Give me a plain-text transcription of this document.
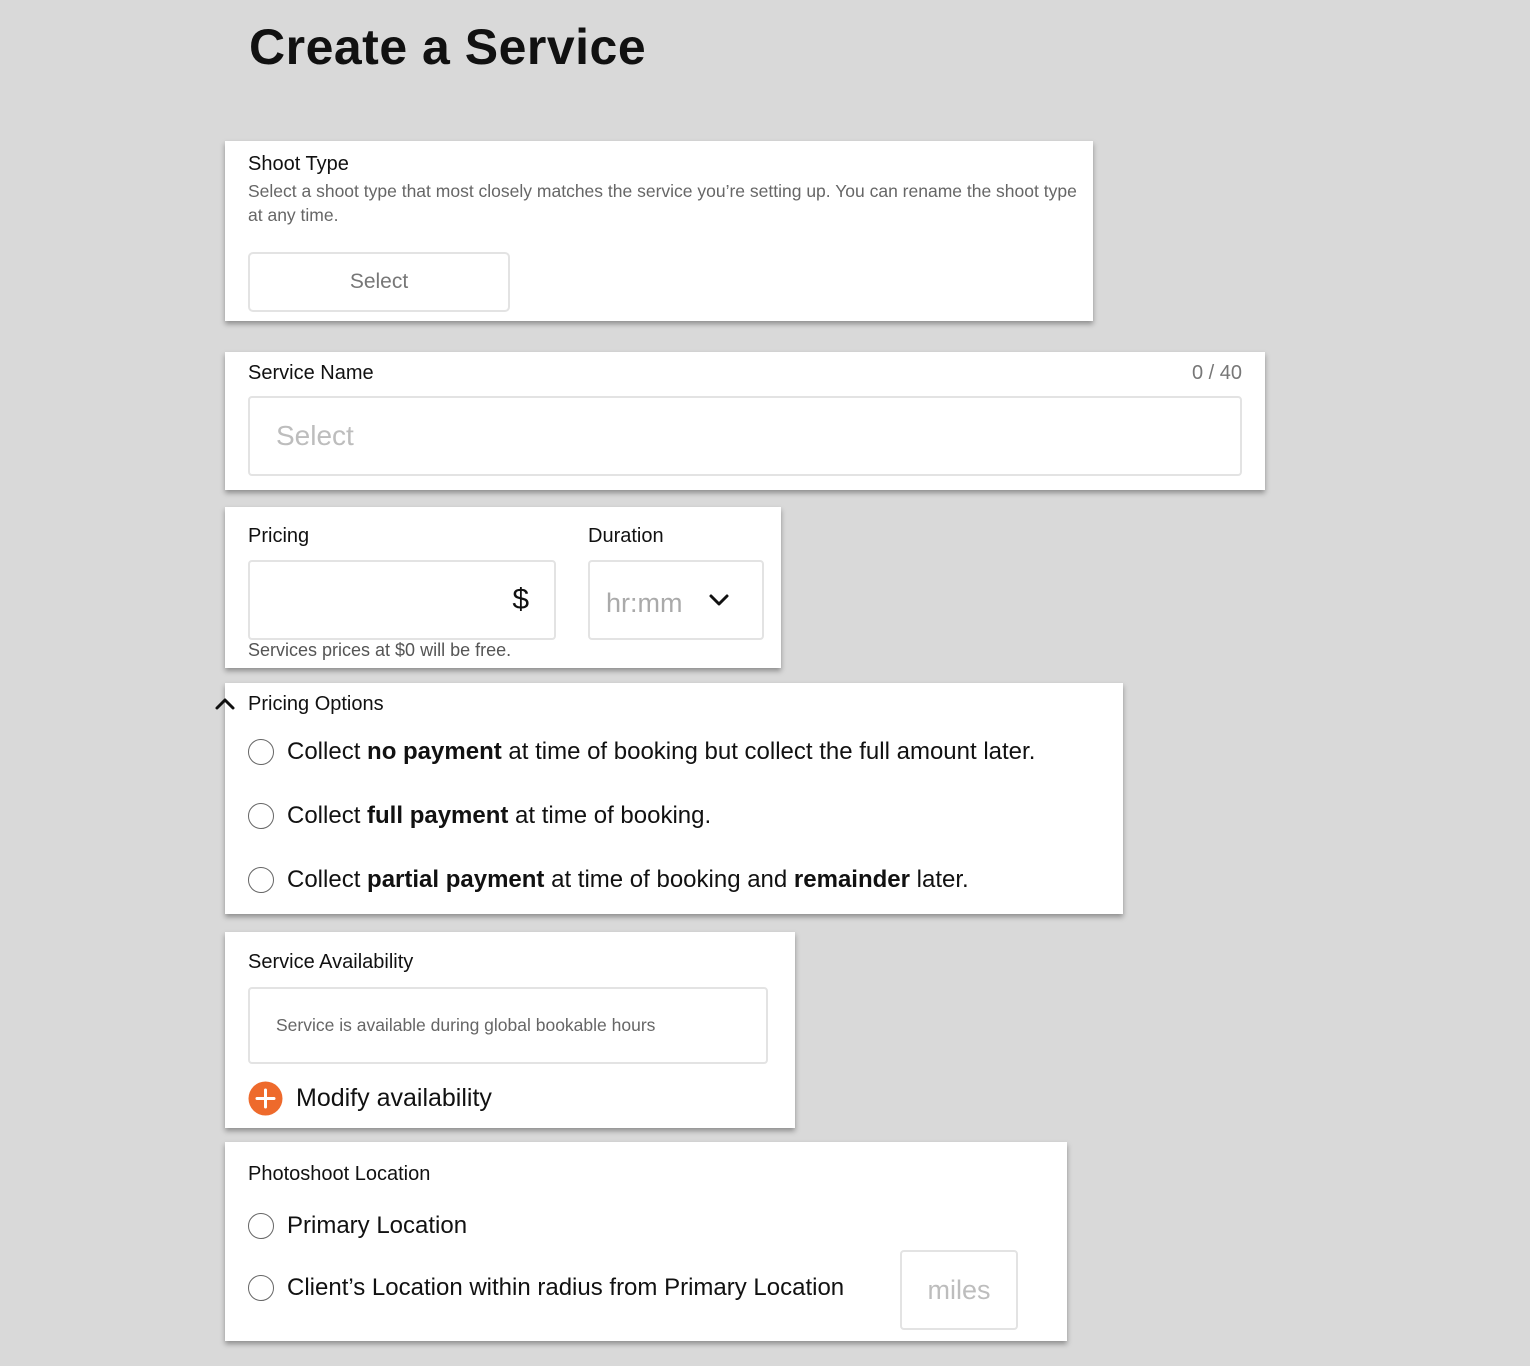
Create a Service
Shoot Type
Select a shoot type that most closely matches the service you’re setting up. You can rename the shoot type at any time.
Select
Service Name	0 / 40
Select
Pricing
$
Services prices at $0 will be free.
Duration
hr:mm
Pricing Options
Collect no payment at time of booking but collect the full amount later.
Collect full payment at time of booking.
Collect partial payment at time of booking and remainder later.
Service Availability
Service is available during global bookable hours
Modify availability
Photoshoot Location
Primary Location
Client’s Location within radius from Primary Location	miles
